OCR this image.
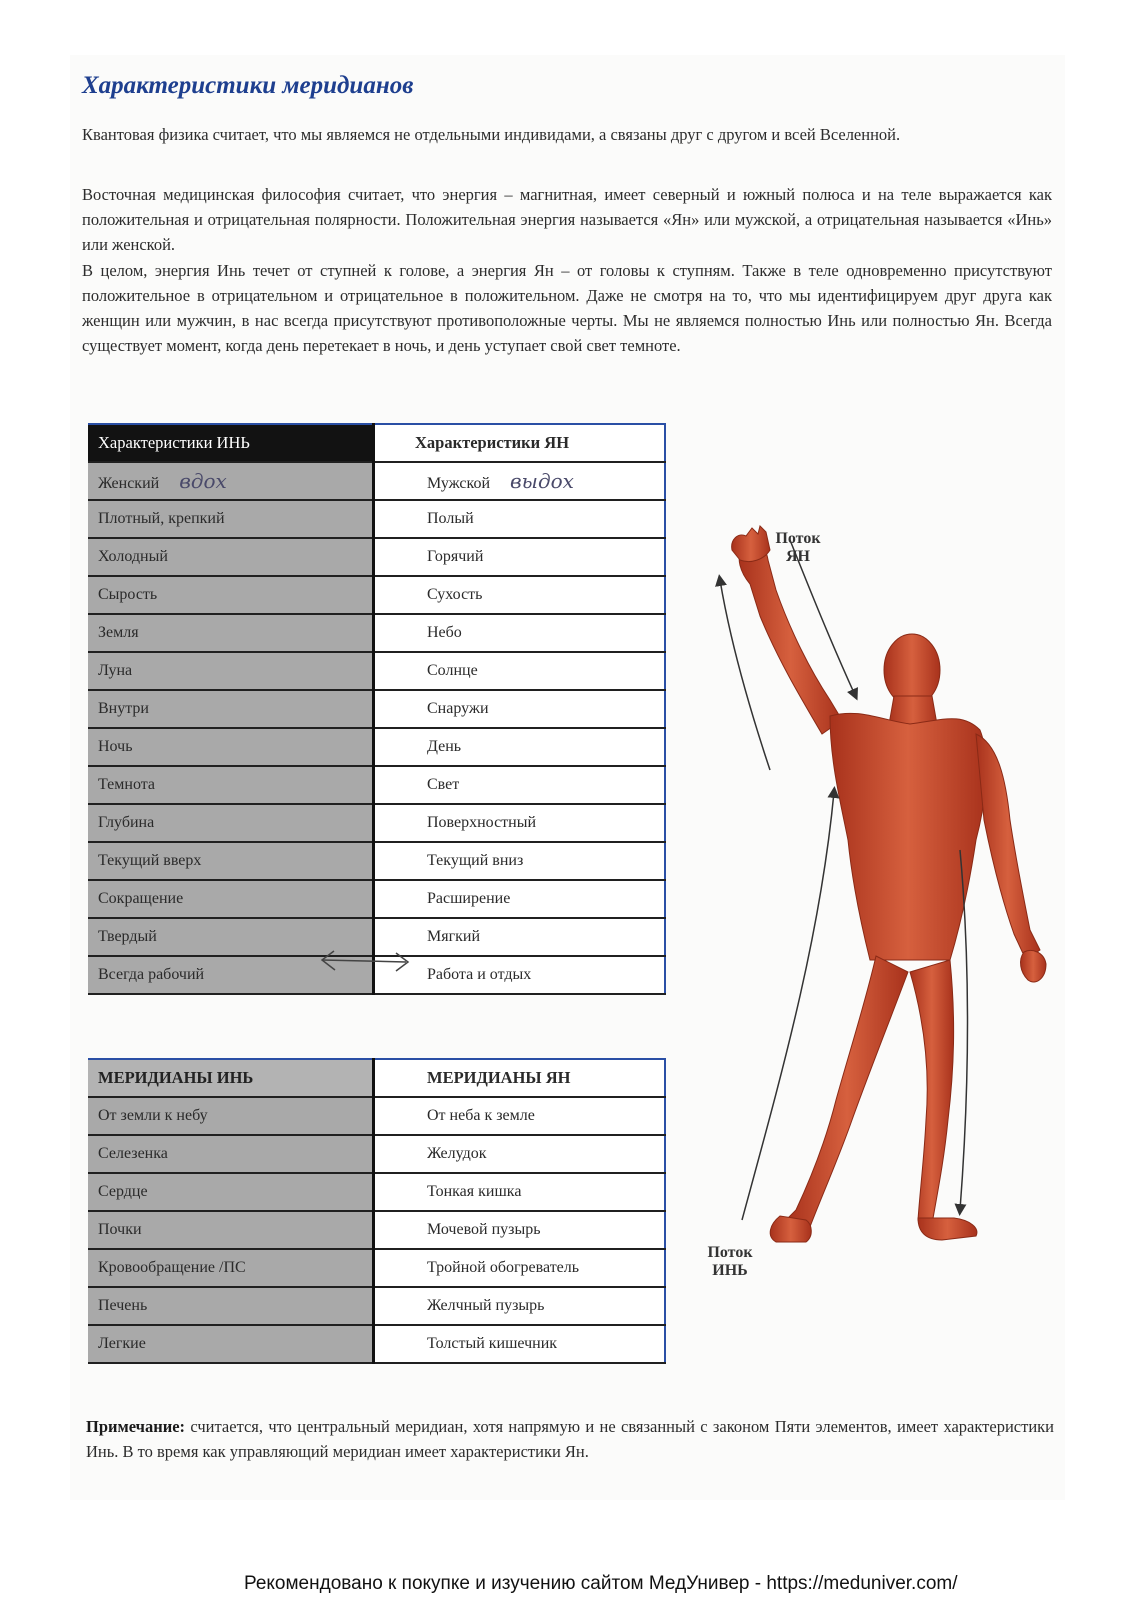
Характеристики меридианов

Квантовая физика считает, что мы являемся не отдельными индивидами, а связаны друг с другом и всей Вселенной.

Восточная медицинская философия считает, что энергия – магнитная, имеет северный и южный полюса и на теле выражается как положительная и отрицательная полярности. Положительная энергия называется «Ян» или мужской, а отрицательная называется «Инь» или женской.

В целом, энергия Инь течет от ступней к голове, а энергия Ян – от головы к ступням. Также в теле одновременно присутствуют положительное в отрицательном и отрицательное в положительном. Даже не смотря на то, что мы идентифицируем друг друга как женщин или мужчин, в нас всегда присутствуют противоположные черты. Мы не являемся полностью Инь или полностью Ян. Всегда существует момент, когда день перетекает в ночь, и день уступает свой свет темноте.

Характеристики ИНЬ	Характеристики ЯН
Женский вдох	Мужской выдох
Плотный, крепкий	Полый
Холодный	Горячий
Сырость	Сухость
Земля	Небо
Луна	Солнце
Внутри	Снаружи
Ночь	День
Темнота	Свет
Глубина	Поверхностный
Текущий вверх	Текущий вниз
Сокращение	Расширение
Твердый	Мягкий
Всегда рабочий	Работа и отдых
МЕРИДИАНЫ ИНЬ	МЕРИДИАНЫ ЯН
От земли к небу	От неба к земле
Селезенка	Желудок
Сердце	Тонкая кишка
Почки	Мочевой пузырь
Кровообращение /ПС	Тройной обогреватель
Печень	Желчный пузырь
Легкие	Толстый кишечник
Поток
ЯН
Поток
ИНЬ

Примечание: считается, что центральный меридиан, хотя напрямую и не связанный с законом Пяти элементов, имеет характеристики Инь. В то время как управляющий меридиан имеет характеристики Ян.

Рекомендовано к покупке и изучению сайтом МедУнивер - https://meduniver.com/
